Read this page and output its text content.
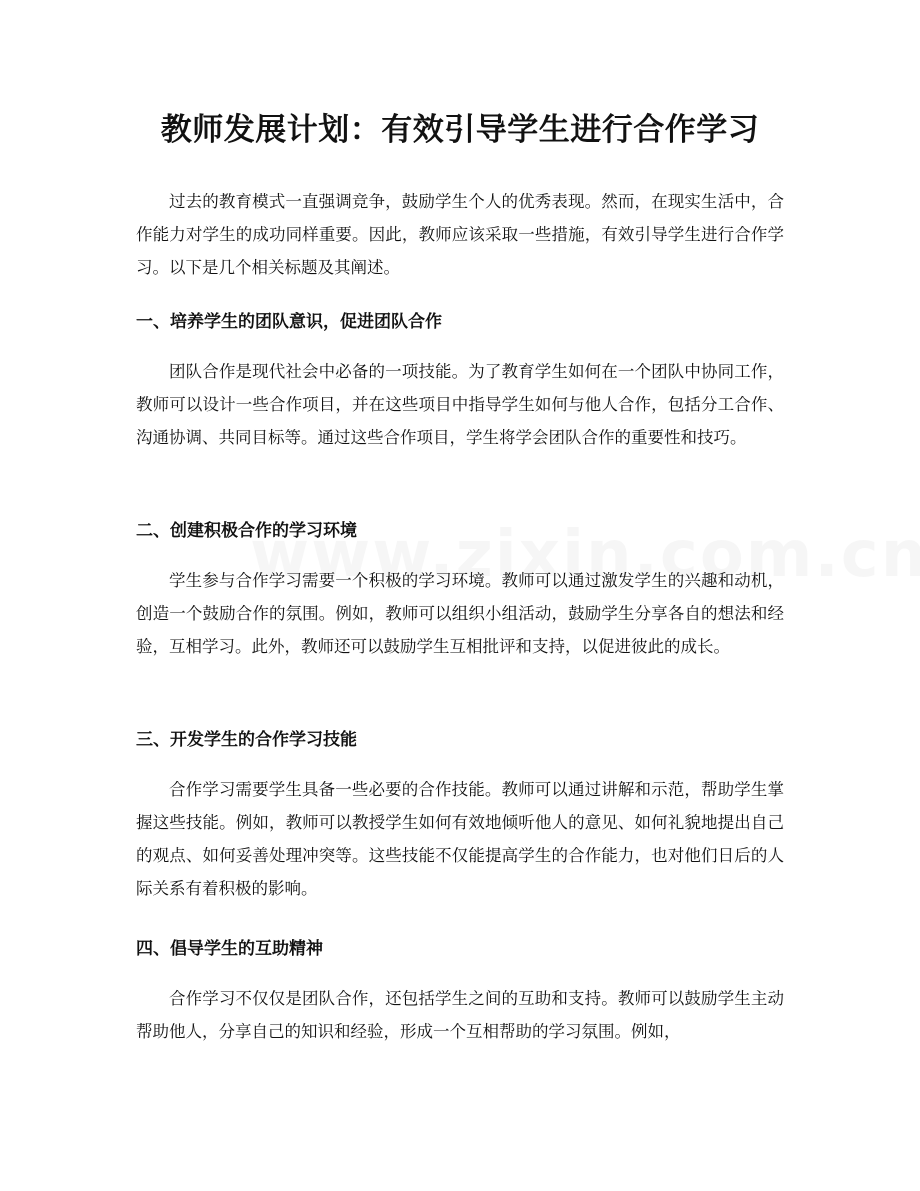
教师发展计划：有效引导学生进行合作学习

过去的教育模式一直强调竞争，鼓励学生个人的优秀表现。然而，在现实生活中，合作能力对学生的成功同样重要。因此，教师应该采取一些措施，有效引导学生进行合作学习。以下是几个相关标题及其阐述。

一、培养学生的团队意识，促进团队合作

团队合作是现代社会中必备的一项技能。为了教育学生如何在一个团队中协同工作，教师可以设计一些合作项目，并在这些项目中指导学生如何与他人合作，包括分工合作、沟通协调、共同目标等。通过这些合作项目，学生将学会团队合作的重要性和技巧。

二、创建积极合作的学习环境

学生参与合作学习需要一个积极的学习环境。教师可以通过激发学生的兴趣和动机，创造一个鼓励合作的氛围。例如，教师可以组织小组活动，鼓励学生分享各自的想法和经验，互相学习。此外，教师还可以鼓励学生互相批评和支持，以促进彼此的成长。

三、开发学生的合作学习技能

合作学习需要学生具备一些必要的合作技能。教师可以通过讲解和示范，帮助学生掌握这些技能。例如，教师可以教授学生如何有效地倾听他人的意见、如何礼貌地提出自己的观点、如何妥善处理冲突等。这些技能不仅能提高学生的合作能力，也对他们日后的人际关系有着积极的影响。

四、倡导学生的互助精神

合作学习不仅仅是团队合作，还包括学生之间的互助和支持。教师可以鼓励学生主动帮助他人，分享自己的知识和经验，形成一个互相帮助的学习氛围。例如，
